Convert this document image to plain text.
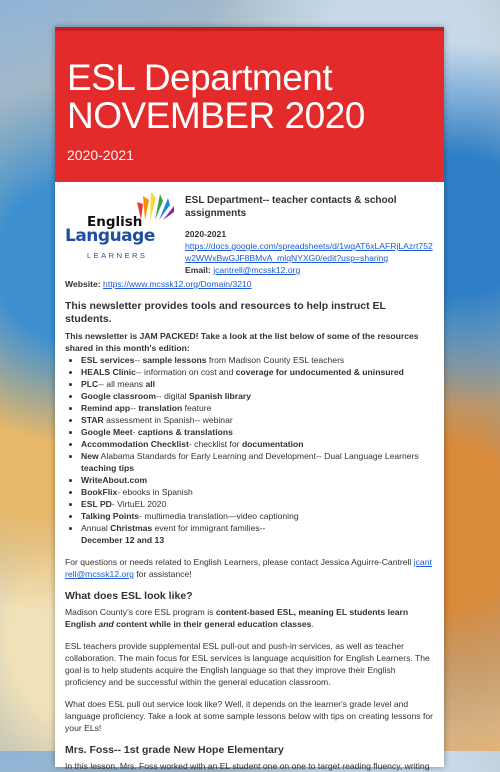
ESL Department
NOVEMBER 2020
2020-2021
English
Language
LEARNERS
ESL Department-- teacher contacts & school assignments
2020-2021
https://docs.google.com/spreadsheets/d/1wqAT6xLAFRjLAzrt752w2WWxBwGJF8BMvA_mlqNYXG0/edit?usp=sharing
Email: jcantrell@mcssk12.org
Website: https://www.mcssk12.org/Domain/3210
This newsletter provides tools and resources to help instruct EL students.
This newsletter is JAM PACKED! Take a look at the list below of some of the resources shared in this month's edition:
• ESL services-- sample lessons from Madison County ESL teachers
• HEALS Clinic-- information on cost and coverage for undocumented & uninsured
• PLC-- all means all
• Google classroom-- digital Spanish library
• Remind app-- translation feature
• STAR assessment in Spanish-- webinar
• Google Meet- captions & translations
• Accommodation Checklist- checklist for documentation
• New Alabama Standards for Early Learning and Development-- Dual Language Learners teaching tips
• WriteAbout.com
• BookFlix- ebooks in Spanish
• ESL PD- VirtuEL 2020
• Talking Points- multimedia translation—video captioning
• Annual Christmas event for immigrant families--
December 12 and 13

For questions or needs related to English Learners, please contact Jessica Aguirre-Cantrell jcantrell@mcssk12.org for assistance!

What does ESL look like?

Madison County's core ESL program is content-based ESL, meaning EL students learn English and content while in their general education classes.

ESL teachers provide supplemental ESL pull-out and push-in services, as well as teacher collaboration. The main focus for ESL services is language acquisition for English Learners. The goal is to help students acquire the English language so that they improve their English proficiency and be successful within the general education classroom.

What does ESL pull out service look like? Well, it depends on the learner's grade level and language proficiency. Take a look at some sample lessons below with tips on creating lessons for your ELs!

Mrs. Foss-- 1st grade New Hope Elementary

In this lesson, Mrs. Foss worked with an EL student one on one to target reading fluency, writing
